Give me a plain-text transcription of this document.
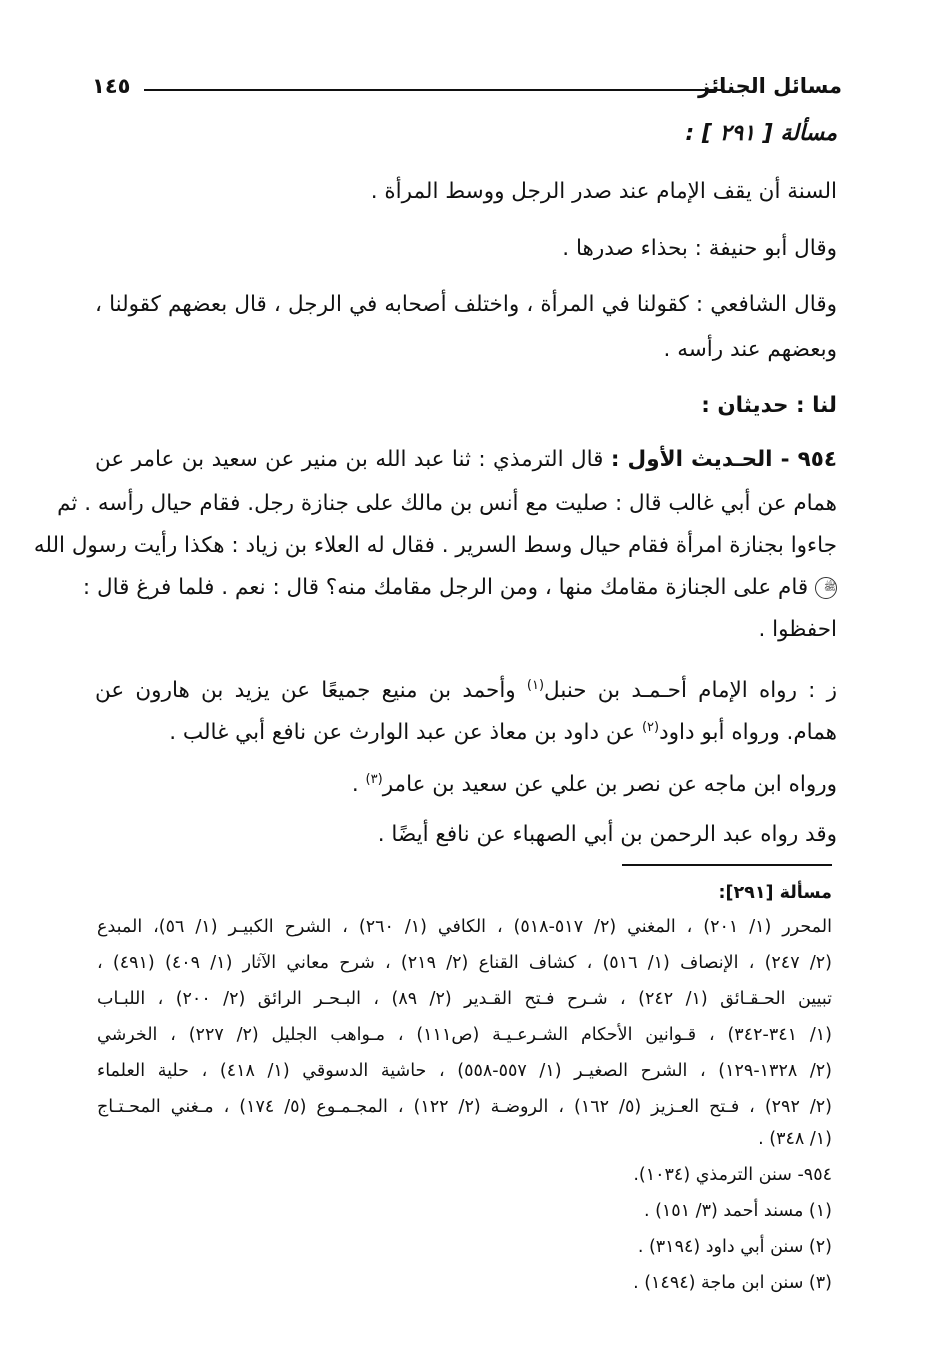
مسائل الجنائز
١٤٥
مسألة [ ٢٩١ ] :
السنة أن يقف الإمام عند صدر الرجل ووسط المرأة .
وقال أبو حنيفة : بحذاء صدرها .
وقال الشافعي : كقولنا في المرأة ، واختلف أصحابه في الرجل ، قال بعضهم كقولنا ،
وبعضهم عند رأسه .
لنا : حديثان :
٩٥٤ - الحـديث الأول : قال الترمذي : ثنا عبد الله بن منير عن سعيد بن عامر عن
همام عن أبي غالب قال : صليت مع أنس بن مالك على جنازة رجل. فقام حيال رأسه . ثم
جاءوا بجنازة امرأة فقام حيال وسط السرير . فقال له العلاء بن زياد : هكذا رأيت رسول الله
ﷺ قام على الجنازة مقامك منها ، ومن الرجل مقامك منه؟ قال : نعم . فلما فرغ قال :
احفظوا .
ز : رواه الإمام أحـمـد بن حنبل$^{(١)}$ وأحمد بن منيع جميعًا عن يزيد بن هارون عن
همام. ورواه أبو داود$^{(٢)}$ عن داود بن معاذ عن عبد الوارث عن نافع أبي غالب .
ورواه ابن ماجه عن نصر بن علي عن سعيد بن عامر$^{(٣)}$ .
وقد رواه عبد الرحمن بن أبي الصهباء عن نافع أيضًا .
مسألة [٢٩١]:
المحرر (١/ ٢٠١) ، المغني (٢/ ٥١٧-٥١٨) ، الكافي (١/ ٢٦٠) ، الشرح الكبيـر (١/ ٥٦)، المبدع
(٢/ ٢٤٧) ، الإنصاف (١/ ٥١٦) ، كشاف القناع (٢/ ٢١٩) ، شرح معاني الآثار (١/ ٤٠٩) (٤٩١) ،
تبيين الحـقـائق (١/ ٢٤٢) ، شـرح فـتح القـدير (٢/ ٨٩) ، البـحـر الرائق (٢/ ٢٠٠) ، اللبـاب
(١/ ٣٤١-٣٤٢) ، قـوانين الأحكام الشـرعـيـة (ص١١١) ، مـواهب الجليل (٢/ ٢٢٧) ، الخرشي
(٢/ ١٣٢٨-١٢٩) ، الشرح الصغيـر (١/ ٥٥٧-٥٥٨) ، حاشية الدسوقي (١/ ٤١٨) ، حلية العلماء
(٢/ ٢٩٢) ، فـتح العـزيز (٥/ ١٦٢) ، الروضـة (٢/ ١٢٢) ، المجـمـوع (٥/ ١٧٤) ، مـغني المحـتـاج
(١/ ٣٤٨) .
٩٥٤- سنن الترمذي (١٠٣٤).
(١) مسند أحمد (٣/ ١٥١) .
(٢) سنن أبي داود (٣١٩٤) .
(٣) سنن ابن ماجة (١٤٩٤) .
